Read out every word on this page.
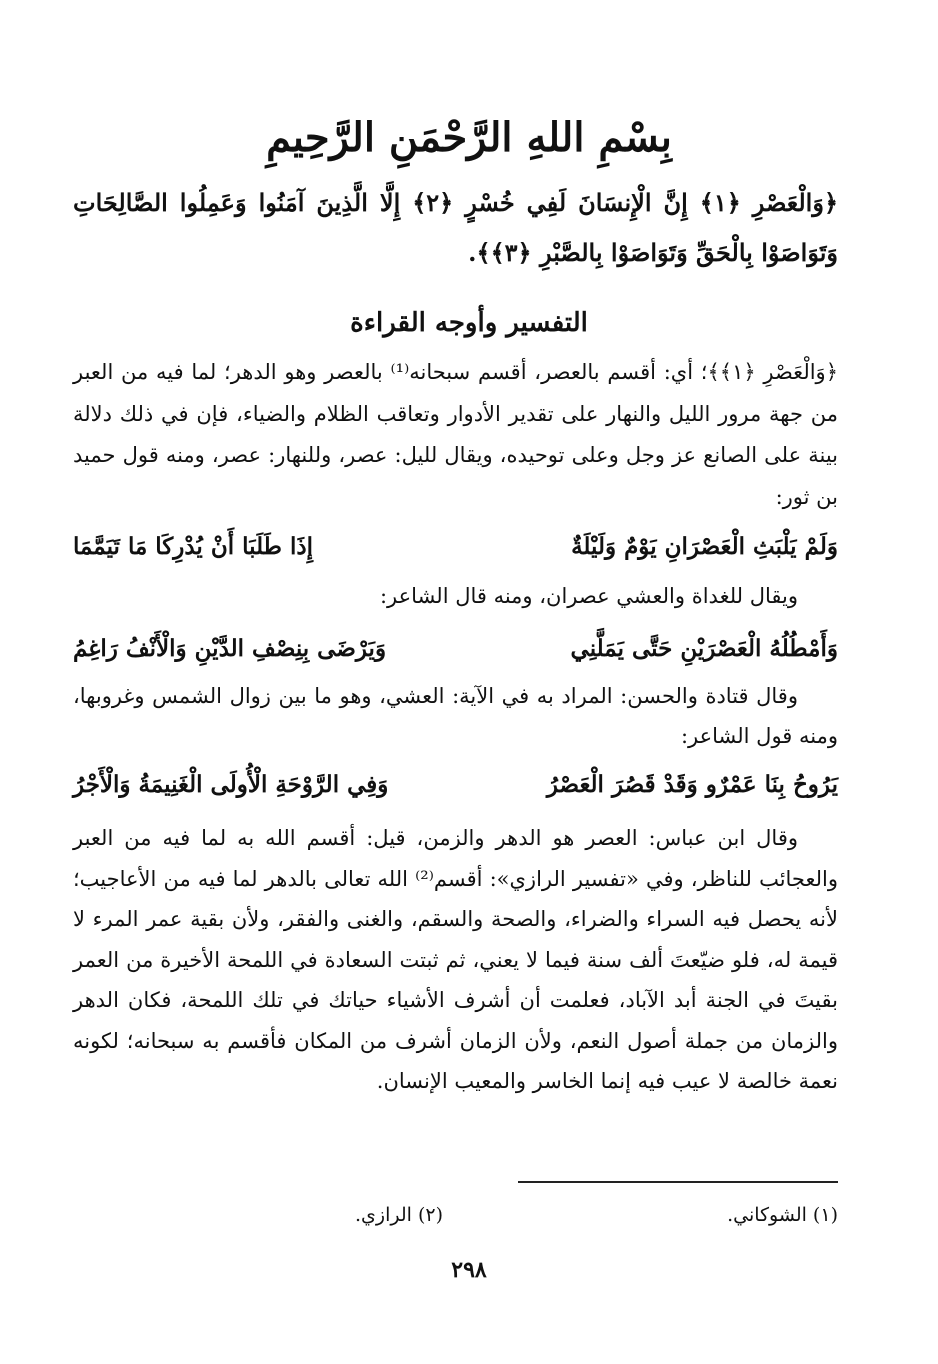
بِسْمِ اللهِ الرَّحْمَنِ الرَّحِيمِ
﴿وَالْعَصْرِ ﴿١﴾ إِنَّ الْإِنسَانَ لَفِي خُسْرٍ ﴿٢﴾ إِلَّا الَّذِينَ آمَنُوا وَعَمِلُوا الصَّالِحَاتِ وَتَوَاصَوْا بِالْحَقِّ وَتَوَاصَوْا بِالصَّبْرِ ﴿٣﴾﴾.
التفسير وأوجه القراءة

﴿وَالْعَصْرِ ﴿١﴾﴾؛ أي: أقسم بالعصر، أقسم سبحانه⁽¹⁾ بالعصر وهو الدهر؛ لما فيه من العبر من جهة مرور الليل والنهار على تقدير الأدوار وتعاقب الظلام والضياء، فإن في ذلك دلالة بينة على الصانع عز وجل وعلى توحيده، ويقال لليل: عصر، وللنهار: عصر، ومنه قول حميد بن ثور:

وَلَمْ يَلْبَثِ الْعَصْرَانِ يَوْمٌ وَلَيْلَةٌ
إِذَا طَلَبَا أَنْ يُدْرِكَا مَا تَيَمَّمَا

ويقال للغداة والعشي عصران، ومنه قال الشاعر:

وَأَمْطُلُهُ الْعَصْرَيْنِ حَتَّى يَمَلَّنِي
وَيَرْضَى بِنِصْفِ الدَّيْنِ وَالْأَنْفُ رَاغِمُ

وقال قتادة والحسن: المراد به في الآية: العشي، وهو ما بين زوال الشمس وغروبها، ومنه قول الشاعر:

يَرُوحُ بِنَا عَمْرٌو وَقَدْ قَصُرَ الْعَصْرُ
وَفِي الرَّوْحَةِ الْأُولَى الْغَنِيمَةُ وَالْأَجْرُ

وقال ابن عباس: العصر هو الدهر والزمن، قيل: أقسم الله به لما فيه من العبر والعجائب للناظر، وفي «تفسير الرازي»: أقسم⁽²⁾ الله تعالى بالدهر لما فيه من الأعاجيب؛ لأنه يحصل فيه السراء والضراء، والصحة والسقم، والغنى والفقر، ولأن بقية عمر المرء لا قيمة له، فلو ضيّعتَ ألف سنة فيما لا يعني، ثم ثبتت السعادة في اللمحة الأخيرة من العمر بقيتَ في الجنة أبد الآباد، فعلمت أن أشرف الأشياء حياتك في تلك اللمحة، فكان الدهر والزمان من جملة أصول النعم، ولأن الزمان أشرف من المكان فأقسم به سبحانه؛ لكونه نعمة خالصة لا عيب فيه إنما الخاسر والمعيب الإنسان.

(١) الشوكاني.
(٢) الرازي.
٢٩٨
